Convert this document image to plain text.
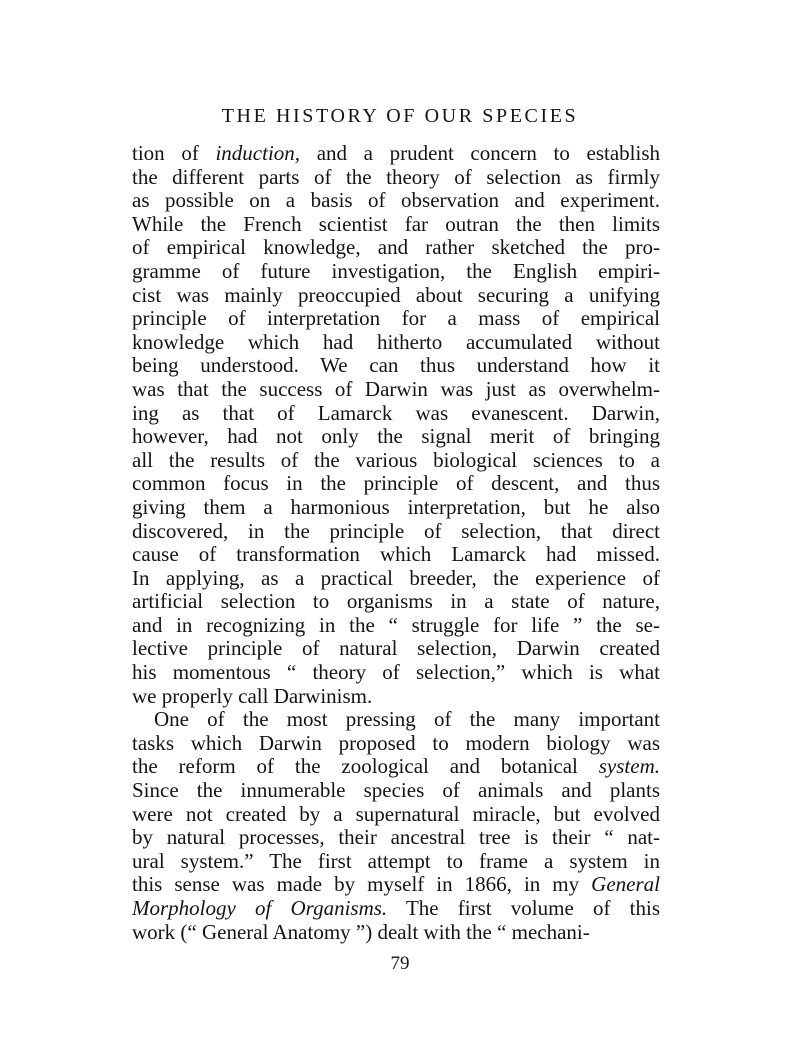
THE HISTORY OF OUR SPECIES
tion of induction, and a prudent concern to establish
the different parts of the theory of selection as firmly
as possible on a basis of observation and experiment.
While the French scientist far outran the then limits
of empirical knowledge, and rather sketched the pro-
gramme of future investigation, the English empiri-
cist was mainly preoccupied about securing a unifying
principle of interpretation for a mass of empirical
knowledge which had hitherto accumulated without
being understood. We can thus understand how it
was that the success of Darwin was just as overwhelm-
ing as that of Lamarck was evanescent. Darwin,
however, had not only the signal merit of bringing
all the results of the various biological sciences to a
common focus in the principle of descent, and thus
giving them a harmonious interpretation, but he also
discovered, in the principle of selection, that direct
cause of transformation which Lamarck had missed.
In applying, as a practical breeder, the experience of
artificial selection to organisms in a state of nature,
and in recognizing in the “ struggle for life ” the se-
lective principle of natural selection, Darwin created
his momentous “ theory of selection,” which is what
we properly call Darwinism.
One of the most pressing of the many important
tasks which Darwin proposed to modern biology was
the reform of the zoological and botanical system.
Since the innumerable species of animals and plants
were not created by a supernatural miracle, but evolved
by natural processes, their ancestral tree is their “ nat-
ural system.” The first attempt to frame a system in
this sense was made by myself in 1866, in my General
Morphology of Organisms. The first volume of this
work (“ General Anatomy ”) dealt with the “ mechani-
79
